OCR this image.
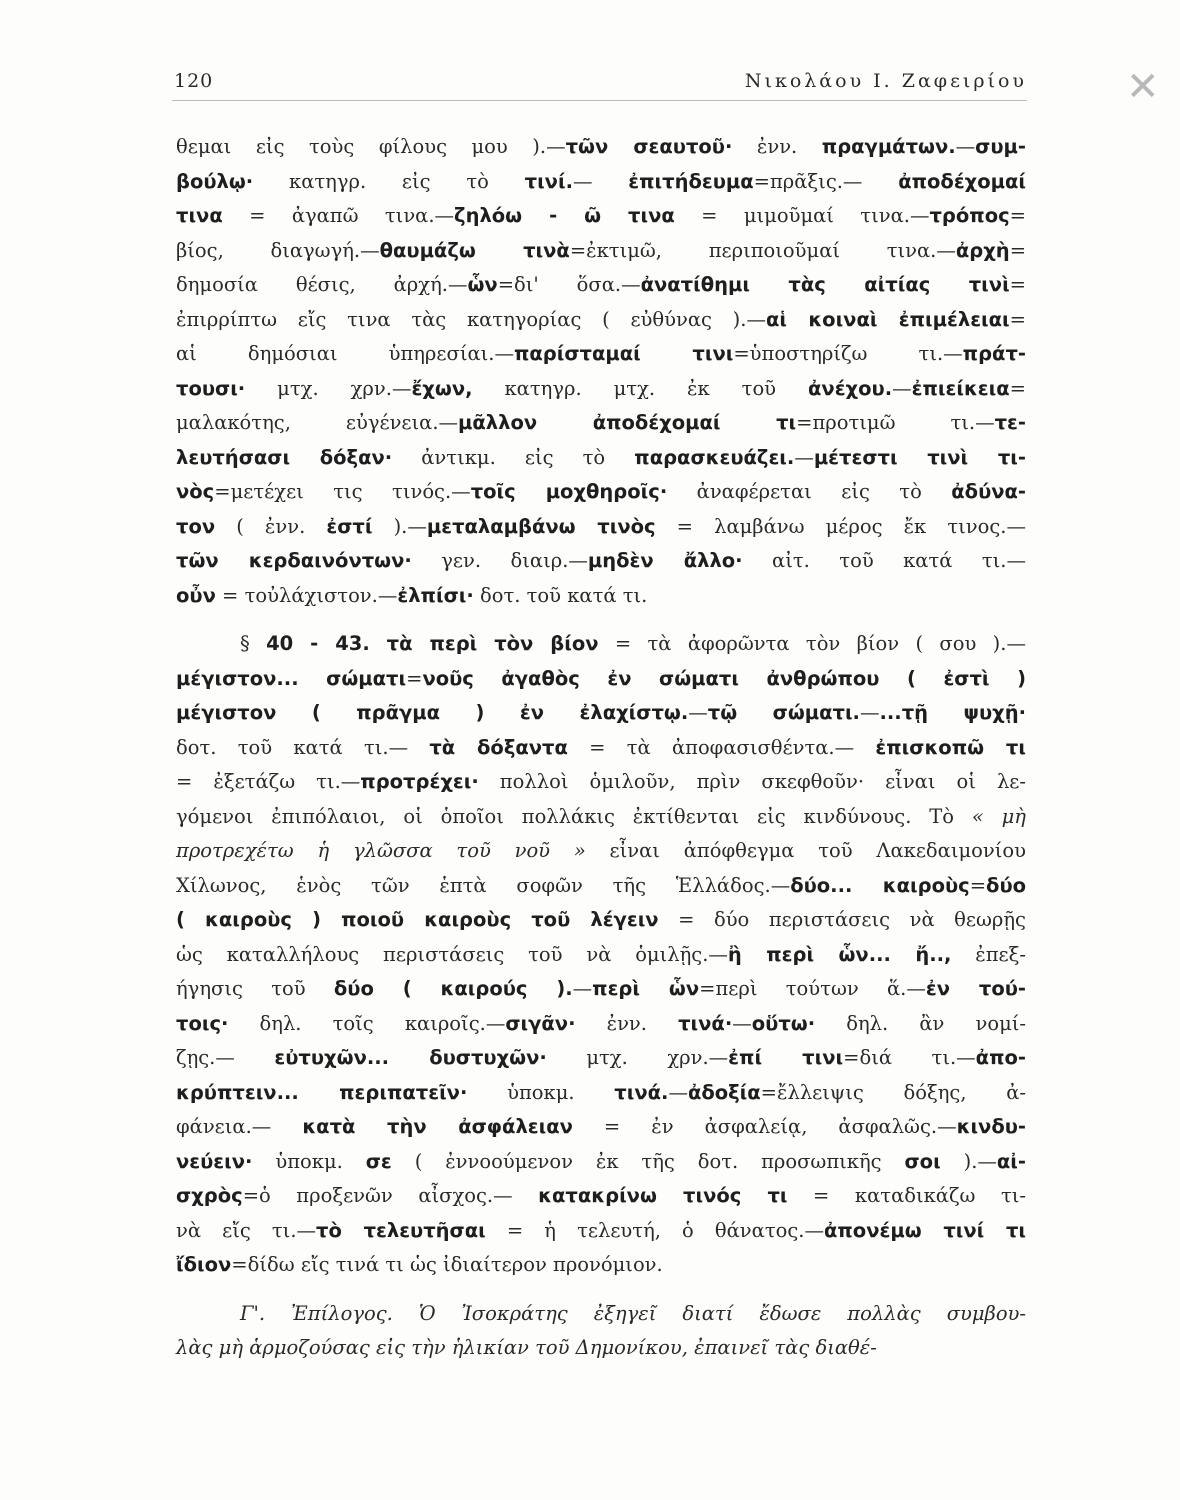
120	Νικολάου Ι. Ζαφειρίου ✕
θεμαι εἰς τοὺς φίλους μου ).—τῶν σεαυτοῦ· ἐνν. πραγμάτων.—συμ-
βούλῳ· κατηγρ. εἰς τὸ τινί.— ἐπιτήδευμα=πρᾶξις.— ἀποδέχομαί
τινα = ἀγαπῶ τινα.—ζηλόω - ῶ τινα = μιμοῦμαί τινα.—τρόπος=
βίος, διαγωγή.—θαυμάζω τινὰ=ἐκτιμῶ, περιποιοῦμαί τινα.—ἀρχὴ=
δημοσία θέσις, ἀρχή.—ὧν=δι' ὅσα.—ἀνατίθημι τὰς αἰτίας τινὶ=
ἐπιρρίπτω εἴς τινα τὰς κατηγορίας ( εὐθύνας ).—αἱ κοιναὶ ἐπιμέλειαι=
αἱ δημόσιαι ὑπηρεσίαι.—παρίσταμαί τινι=ὑποστηρίζω τι.—πράτ-
τουσι· μτχ. χρν.—ἔχων, κατηγρ. μτχ. ἐκ τοῦ ἀνέχου.—ἐπιείκεια=
μαλακότης, εὐγένεια.—μᾶλλον ἀποδέχομαί τι=προτιμῶ τι.—τε-
λευτήσασι δόξαν· ἀντικμ. εἰς τὸ παρασκευάζει.—μέτεστι τινὶ τι-
νὸς=μετέχει τις τινός.—τοῖς μοχθηροῖς· ἀναφέρεται εἰς τὸ ἀδύνα-
τον ( ἐνν. ἐστί ).—μεταλαμβάνω τινὸς = λαμβάνω μέρος ἔκ τινος.—
τῶν κερδαινόντων· γεν. διαιρ.—μηδὲν ἄλλο· αἰτ. τοῦ κατά τι.—
οὖν = τοὐλάχιστον.—ἐλπίσι· δοτ. τοῦ κατά τι.
§ 40 - 43. τὰ περὶ τὸν βίον = τὰ ἀφορῶντα τὸν βίον ( σου ).—
μέγιστον... σώματι=νοῦς ἀγαθὸς ἐν σώματι ἀνθρώπου ( ἐστὶ )
μέγιστον ( πρᾶγμα ) ἐν ἐλαχίστῳ.—τῷ σώματι.—...τῇ ψυχῇ·
δοτ. τοῦ κατά τι.— τὰ δόξαντα = τὰ ἀποφασισθέντα.— ἐπισκοπῶ τι
= ἐξετάζω τι.—προτρέχει· πολλοὶ ὁμιλοῦν, πρὶν σκεφθοῦν· εἶναι οἱ λε-
γόμενοι ἐπιπόλαιοι, οἱ ὁποῖοι πολλάκις ἐκτίθενται εἰς κινδύνους. Τὸ « μὴ
προτρεχέτω ἡ γλῶσσα τοῦ νοῦ » εἶναι ἀπόφθεγμα τοῦ Λακεδαιμονίου
Χίλωνος, ἑνὸς τῶν ἑπτὰ σοφῶν τῆς Ἑλλάδος.—δύο... καιροὺς=δύο
( καιροὺς ) ποιοῦ καιροὺς τοῦ λέγειν = δύο περιστάσεις νὰ θεωρῇς
ὡς καταλλήλους περιστάσεις τοῦ νὰ ὁμιλῇς.—ἢ περὶ ὧν... ἤ.., ἐπεξ-
ήγησις τοῦ δύο ( καιρούς ).—περὶ ὧν=περὶ τούτων ἅ.—ἐν τού-
τοις· δηλ. τοῖς καιροῖς.—σιγᾶν· ἐνν. τινά·—οὕτω· δηλ. ἂν νομί-
ζῃς.— εὐτυχῶν... δυστυχῶν· μτχ. χρν.—ἐπί τινι=διά τι.—ἀπο-
κρύπτειν... περιπατεῖν· ὑποκμ. τινά.—ἀδοξία=ἔλλειψις δόξης, ἀ-
φάνεια.— κατὰ τὴν ἀσφάλειαν = ἐν ἀσφαλείᾳ, ἀσφαλῶς.—κινδυ-
νεύειν· ὑποκμ. σε ( ἐννοούμενον ἐκ τῆς δοτ. προσωπικῆς σοι ).—αἰ-
σχρὸς=ὁ προξενῶν αἶσχος.— κατακρίνω τινός τι = καταδικάζω τι-
νὰ εἴς τι.—τὸ τελευτῆσαι = ἡ τελευτή, ὁ θάνατος.—ἀπονέμω τινί τι
ἴδιον=δίδω εἴς τινά τι ὡς ἰδιαίτερον προνόμιον.
Γ'. Ἐπίλογος. Ὁ Ἰσοκράτης ἐξηγεῖ διατί ἔδωσε πολλὰς συμβου-
λὰς μὴ ἁρμοζούσας εἰς τὴν ἡλικίαν τοῦ Δημονίκου, ἐπαινεῖ τὰς διαθέ-
